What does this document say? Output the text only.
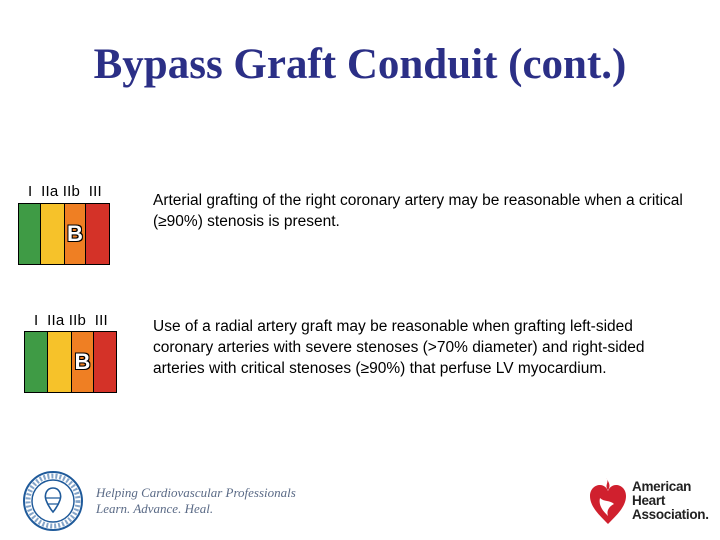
Bypass Graft Conduit (cont.)
I  IIa IIb  III
B
Arterial grafting of the right coronary artery may be reasonable when a critical (≥90%) stenosis is present.
I  IIa IIb  III
B
Use of a radial artery graft may be reasonable when grafting left-sided coronary arteries with severe stenoses (>70% diameter) and right-sided arteries with critical stenoses (≥90%) that perfuse LV myocardium.
Helping Cardiovascular Professionals
Learn. Advance. Heal.
American
Heart
Association.
